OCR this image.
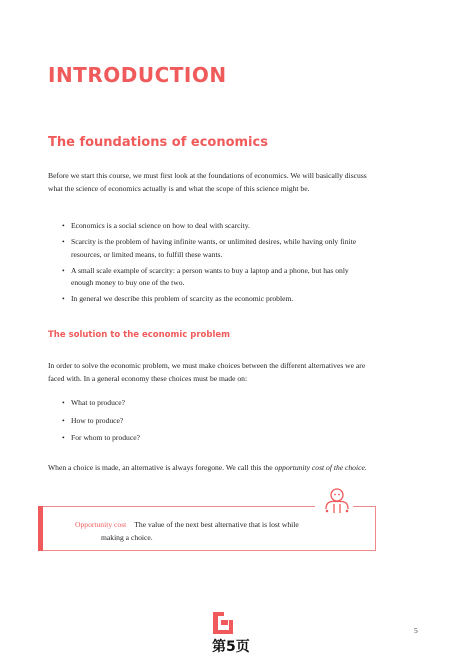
INTRODUCTION
The foundations of economics

Before we start this course, we must first look at the foundations of economics. We will basically discuss what the science of economics actually is and what the scope of this science might be.

• Economics is a social science on how to deal with scarcity.
• Scarcity is the problem of having infinite wants, or unlimited desires, while having only finite resources, or limited means, to fulfill these wants.
• A small scale example of scarcity: a person wants to buy a laptop and a phone, but has only enough money to buy one of the two.
• In general we describe this problem of scarcity as the economic problem.
The solution to the economic problem

In order to solve the economic problem, we must make choices between the different alternatives we are faced with. In a general economy these choices must be made on:

• What to produce?
• How to produce?
• For whom to produce?

When a choice is made, an alternative is always foregone. We call this the opportunity cost of the choice.

Opportunity cost The value of the next best alternative that is lost while
making a choice.
第5页
5
